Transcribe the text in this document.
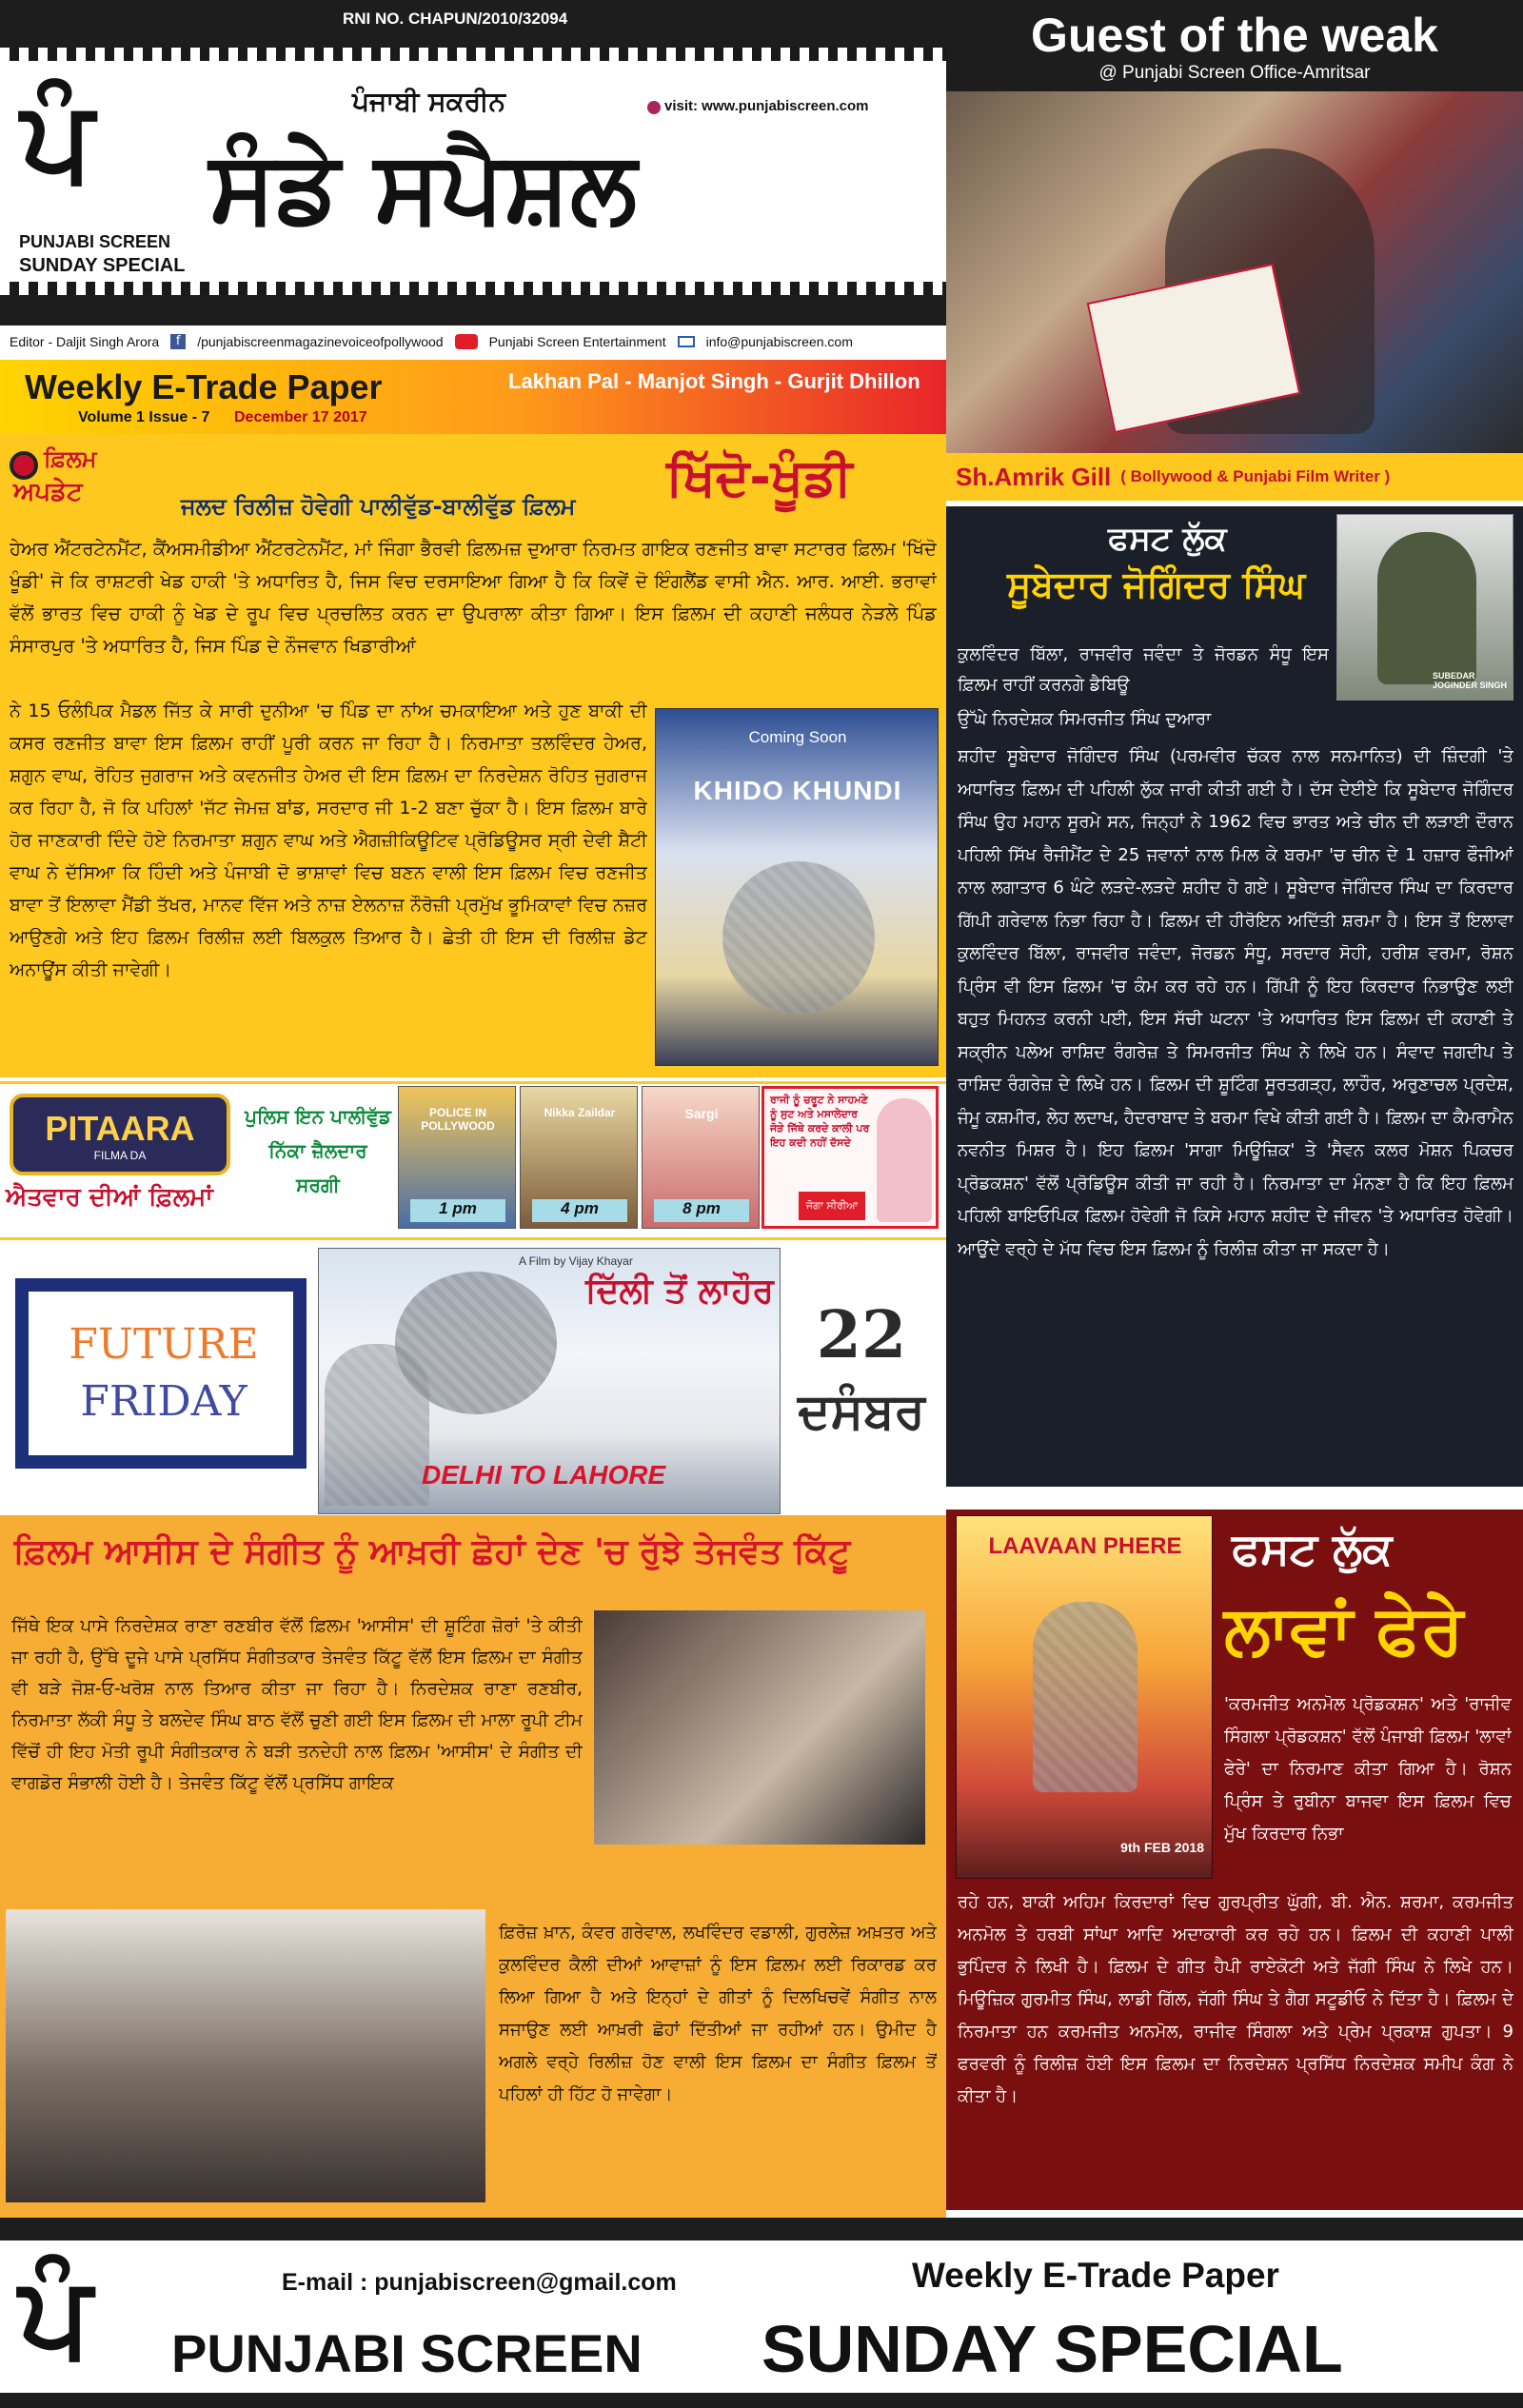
RNI NO. CHAPUN/2010/32094
ਪੰ
PUNJABI SCREEN
SUNDAY SPECIAL
ਪੰਜਾਬੀ ਸਕਰੀਨ	visit: www.punjabiscreen.com
ਸੰਡੇ ਸਪੈਸ਼ਲ
Editor - Daljit Singh Arora	f	/punjabiscreenmagazinevoiceofpollywood	Punjabi Screen Entertainment	info@punjabiscreen.com
Weekly E-Trade Paper	Lakhan Pal - Manjot Singh - Gurjit Dhillon
Volume 1 Issue - 7	December 17 2017
ਫ਼ਿਲਮ
ਅਪਡੇਟ	ਜਲਦ ਰਿਲੀਜ਼ ਹੋਵੇਗੀ ਪਾਲੀਵੁੱਡ-ਬਾਲੀਵੁੱਡ ਫ਼ਿਲਮ	ਖਿੱਦੋ-ਖੂੰਡੀ

ਹੇਅਰ ਐਂਟਰਟੇਨਮੈਂਟ, ਕੈਂਅਸਮੀਡੀਆ ਐਂਟਰਟੇਨਮੈਂਟ, ਮਾਂ ਜਿੰਗਾ ਭੈਰਵੀ ਫ਼ਿਲਮਜ਼ ਦੁਆਰਾ ਨਿਰਮਤ ਗਾਇਕ ਰਣਜੀਤ ਬਾਵਾ ਸਟਾਰਰ ਫ਼ਿਲਮ 'ਖਿੱਦੋ ਖੂੰਡੀ' ਜੋ ਕਿ ਰਾਸ਼ਟਰੀ ਖੇਡ ਹਾਕੀ 'ਤੇ ਅਧਾਰਿਤ ਹੈ, ਜਿਸ ਵਿਚ ਦਰਸਾਇਆ ਗਿਆ ਹੈ ਕਿ ਕਿਵੇਂ ਦੋ ਇੰਗਲੈਂਡ ਵਾਸੀ ਐਨ. ਆਰ. ਆਈ. ਭਰਾਵਾਂ ਵੱਲੋਂ ਭਾਰਤ ਵਿਚ ਹਾਕੀ ਨੂੰ ਖੇਡ ਦੇ ਰੂਪ ਵਿਚ ਪ੍ਰਚਲਿਤ ਕਰਨ ਦਾ ਉਪਰਾਲਾ ਕੀਤਾ ਗਿਆ। ਇਸ ਫ਼ਿਲਮ ਦੀ ਕਹਾਣੀ ਜਲੰਧਰ ਨੇੜਲੇ ਪਿੰਡ ਸੰਸਾਰਪੁਰ 'ਤੇ ਅਧਾਰਿਤ ਹੈ, ਜਿਸ ਪਿੰਡ ਦੇ ਨੌਜਵਾਨ ਖਿਡਾਰੀਆਂ

ਨੇ 15 ਓਲੰਪਿਕ ਮੈਡਲ ਜਿੱਤ ਕੇ ਸਾਰੀ ਦੁਨੀਆ 'ਚ ਪਿੰਡ ਦਾ ਨਾਂਅ ਚਮਕਾਇਆ ਅਤੇ ਹੁਣ ਬਾਕੀ ਦੀ ਕਸਰ ਰਣਜੀਤ ਬਾਵਾ ਇਸ ਫ਼ਿਲਮ ਰਾਹੀਂ ਪੂਰੀ ਕਰਨ ਜਾ ਰਿਹਾ ਹੈ। ਨਿਰਮਾਤਾ ਤਲਵਿੰਦਰ ਹੇਅਰ, ਸ਼ਗੁਨ ਵਾਘ, ਰੋਹਿਤ ਜੁਗਰਾਜ ਅਤੇ ਕਵਨਜੀਤ ਹੇਅਰ ਦੀ ਇਸ ਫ਼ਿਲਮ ਦਾ ਨਿਰਦੇਸ਼ਨ ਰੋਹਿਤ ਜੁਗਰਾਜ ਕਰ ਰਿਹਾ ਹੈ, ਜੋ ਕਿ ਪਹਿਲਾਂ 'ਜੱਟ ਜੇਮਜ਼ ਬਾਂਡ, ਸਰਦਾਰ ਜੀ 1-2 ਬਣਾ ਚੁੱਕਾ ਹੈ। ਇਸ ਫ਼ਿਲਮ ਬਾਰੇ ਹੋਰ ਜਾਣਕਾਰੀ ਦਿੰਦੇ ਹੋਏ ਨਿਰਮਾਤਾ ਸ਼ਗੁਨ ਵਾਘ ਅਤੇ ਐਗਜ਼ੀਕਿਊਟਿਵ ਪ੍ਰੋਡਿਊਸਰ ਸ੍ਰੀ ਦੇਵੀ ਸ਼ੈਟੀ ਵਾਘ ਨੇ ਦੱਸਿਆ ਕਿ ਹਿੰਦੀ ਅਤੇ ਪੰਜਾਬੀ ਦੋ ਭਾਸ਼ਾਵਾਂ ਵਿਚ ਬਣਨ ਵਾਲੀ ਇਸ ਫ਼ਿਲਮ ਵਿਚ ਰਣਜੀਤ ਬਾਵਾ ਤੋਂ ਇਲਾਵਾ ਮੈਂਡੀ ਤੱਖਰ, ਮਾਨਵ ਵਿੱਜ ਅਤੇ ਨਾਜ਼ ਏਲਨਾਜ਼ ਨੌਰੋਜ਼ੀ ਪ੍ਰਮੁੱਖ ਭੂਮਿਕਾਵਾਂ ਵਿਚ ਨਜ਼ਰ ਆਉਣਗੇ ਅਤੇ ਇਹ ਫ਼ਿਲਮ ਰਿਲੀਜ਼ ਲਈ ਬਿਲਕੁਲ ਤਿਆਰ ਹੈ। ਛੇਤੀ ਹੀ ਇਸ ਦੀ ਰਿਲੀਜ਼ ਡੇਟ ਅਨਾਊਂਸ ਕੀਤੀ ਜਾਵੇਗੀ।

Coming Soon
KHIDO KHUNDI
PITAARA
FILMA DA
ਐਤਵਾਰ ਦੀਆਂ ਫ਼ਿਲਮਾਂ
ਪੁਲਿਸ ਇਨ ਪਾਲੀਵੁੱਡ
ਨਿੱਕਾ ਜ਼ੈਲਦਾਰ
ਸਰਗੀ
POLICE IN POLLYWOOD
1 pm
Nikka Zaildar
4 pm
Sargi
8 pm
ਰਾਜੀ ਨੂੰ ਚਰੂਟ ਨੇ ਸਾਹਮਣੇ ਨੂੰ ਸੁਟ ਅਤੇ ਮਸਾਲੇਦਾਰ ਜੋੜੇ ਜਿੱਥੇ ਕਰਦੇ ਕਾਲੀ ਪਰ ਇਹ ਕਦੀ ਨਹੀਂ ਦੱਸਦੇ
ਜੋਗਾ ਸੀਰੀਆ
FUTURE
FRIDAY
A Film by Vijay Khayar
ਦਿੱਲੀ ਤੋਂ ਲਾਹੌਰ
DELHI TO LAHORE
22
ਦਸੰਬਰ
ਫ਼ਿਲਮ ਆਸੀਸ ਦੇ ਸੰਗੀਤ ਨੂੰ ਆਖ਼ਰੀ ਛੋਹਾਂ ਦੇਣ 'ਚ ਰੁੱਝੇ ਤੇਜਵੰਤ ਕਿੱਟੂ

ਜਿੱਥੇ ਇਕ ਪਾਸੇ ਨਿਰਦੇਸ਼ਕ ਰਾਣਾ ਰਣਬੀਰ ਵੱਲੋਂ ਫ਼ਿਲਮ 'ਆਸੀਸ' ਦੀ ਸ਼ੂਟਿੰਗ ਜ਼ੋਰਾਂ 'ਤੇ ਕੀਤੀ ਜਾ ਰਹੀ ਹੈ, ਉੱਥੇ ਦੂਜੇ ਪਾਸੇ ਪ੍ਰਸਿੱਧ ਸੰਗੀਤਕਾਰ ਤੇਜਵੰਤ ਕਿੱਟੂ ਵੱਲੋਂ ਇਸ ਫ਼ਿਲਮ ਦਾ ਸੰਗੀਤ ਵੀ ਬੜੇ ਜੋਸ਼-ਓ-ਖਰੋਸ਼ ਨਾਲ ਤਿਆਰ ਕੀਤਾ ਜਾ ਰਿਹਾ ਹੈ। ਨਿਰਦੇਸ਼ਕ ਰਾਣਾ ਰਣਬੀਰ, ਨਿਰਮਾਤਾ ਲੱਕੀ ਸੰਧੂ ਤੇ ਬਲਦੇਵ ਸਿੰਘ ਬਾਠ ਵੱਲੋਂ ਚੁਣੀ ਗਈ ਇਸ ਫ਼ਿਲਮ ਦੀ ਮਾਲਾ ਰੂਪੀ ਟੀਮ ਵਿੱਚੋਂ ਹੀ ਇਹ ਮੋਤੀ ਰੂਪੀ ਸੰਗੀਤਕਾਰ ਨੇ ਬੜੀ ਤਨਦੇਹੀ ਨਾਲ ਫ਼ਿਲਮ 'ਆਸੀਸ' ਦੇ ਸੰਗੀਤ ਦੀ ਵਾਗਡੋਰ ਸੰਭਾਲੀ ਹੋਈ ਹੈ। ਤੇਜਵੰਤ ਕਿੱਟੂ ਵੱਲੋਂ ਪ੍ਰਸਿੱਧ ਗਾਇਕ

ਫ਼ਿਰੋਜ਼ ਖ਼ਾਨ, ਕੰਵਰ ਗਰੇਵਾਲ, ਲਖਵਿੰਦਰ ਵਡਾਲੀ, ਗੁਰਲੇਜ਼ ਅਖ਼ਤਰ ਅਤੇ ਕੁਲਵਿੰਦਰ ਕੈਲੀ ਦੀਆਂ ਆਵਾਜ਼ਾਂ ਨੂੰ ਇਸ ਫ਼ਿਲਮ ਲਈ ਰਿਕਾਰਡ ਕਰ ਲਿਆ ਗਿਆ ਹੈ ਅਤੇ ਇਨ੍ਹਾਂ ਦੇ ਗੀਤਾਂ ਨੂੰ ਦਿਲਖਿਚਵੇਂ ਸੰਗੀਤ ਨਾਲ ਸਜਾਉਣ ਲਈ ਆਖ਼ਰੀ ਛੋਹਾਂ ਦਿੱਤੀਆਂ ਜਾ ਰਹੀਆਂ ਹਨ। ਉਮੀਦ ਹੈ ਅਗਲੇ ਵਰ੍ਹੇ ਰਿਲੀਜ਼ ਹੋਣ ਵਾਲੀ ਇਸ ਫ਼ਿਲਮ ਦਾ ਸੰਗੀਤ ਫ਼ਿਲਮ ਤੋਂ ਪਹਿਲਾਂ ਹੀ ਹਿੱਟ ਹੋ ਜਾਵੇਗਾ।

Guest of the weak
@ Punjabi Screen Office-Amritsar
Sh.Amrik Gill ( Bollywood & Punjabi Film Writer )
ਫਸਟ ਲੁੱਕ
ਸੂਬੇਦਾਰ ਜੋਗਿੰਦਰ ਸਿੰਘ
SUBEDAR JOGINDER SINGH

ਕੁਲਵਿੰਦਰ ਬਿੱਲਾ, ਰਾਜਵੀਰ ਜਵੰਦਾ ਤੇ ਜੋਰਡਨ ਸੰਧੂ ਇਸ ਫ਼ਿਲਮ ਰਾਹੀਂ ਕਰਨਗੇ ਡੈਬਿਊ

ਉੱਘੇ ਨਿਰਦੇਸ਼ਕ ਸਿਮਰਜੀਤ ਸਿੰਘ ਦੁਆਰਾ

ਸ਼ਹੀਦ ਸੂਬੇਦਾਰ ਜੋਗਿੰਦਰ ਸਿੰਘ (ਪਰਮਵੀਰ ਚੱਕਰ ਨਾਲ ਸਨਮਾਨਿਤ) ਦੀ ਜ਼ਿੰਦਗੀ 'ਤੇ ਅਧਾਰਿਤ ਫ਼ਿਲਮ ਦੀ ਪਹਿਲੀ ਲੁੱਕ ਜਾਰੀ ਕੀਤੀ ਗਈ ਹੈ। ਦੱਸ ਦੇਈਏ ਕਿ ਸੂਬੇਦਾਰ ਜੋਗਿੰਦਰ ਸਿੰਘ ਉਹ ਮਹਾਨ ਸੂਰਮੇ ਸਨ, ਜਿਨ੍ਹਾਂ ਨੇ 1962 ਵਿਚ ਭਾਰਤ ਅਤੇ ਚੀਨ ਦੀ ਲੜਾਈ ਦੌਰਾਨ ਪਹਿਲੀ ਸਿੱਖ ਰੈਜੀਮੈਂਟ ਦੇ 25 ਜਵਾਨਾਂ ਨਾਲ ਮਿਲ ਕੇ ਬਰਮਾ 'ਚ ਚੀਨ ਦੇ 1 ਹਜ਼ਾਰ ਫੌਜੀਆਂ ਨਾਲ ਲਗਾਤਾਰ 6 ਘੰਟੇ ਲੜਦੇ-ਲੜਦੇ ਸ਼ਹੀਦ ਹੋ ਗਏ। ਸੂਬੇਦਾਰ ਜੋਗਿੰਦਰ ਸਿੰਘ ਦਾ ਕਿਰਦਾਰ ਗਿੱਪੀ ਗਰੇਵਾਲ ਨਿਭਾ ਰਿਹਾ ਹੈ। ਫ਼ਿਲਮ ਦੀ ਹੀਰੋਇਨ ਅਦਿੱਤੀ ਸ਼ਰਮਾ ਹੈ। ਇਸ ਤੋਂ ਇਲਾਵਾ ਕੁਲਵਿੰਦਰ ਬਿੱਲਾ, ਰਾਜਵੀਰ ਜਵੰਦਾ, ਜੋਰਡਨ ਸੰਧੂ, ਸਰਦਾਰ ਸੋਹੀ, ਹਰੀਸ਼ ਵਰਮਾ, ਰੋਸ਼ਨ ਪ੍ਰਿੰਸ ਵੀ ਇਸ ਫ਼ਿਲਮ 'ਚ ਕੰਮ ਕਰ ਰਹੇ ਹਨ। ਗਿੱਪੀ ਨੂੰ ਇਹ ਕਿਰਦਾਰ ਨਿਭਾਉਣ ਲਈ ਬਹੁਤ ਮਿਹਨਤ ਕਰਨੀ ਪਈ, ਇਸ ਸੱਚੀ ਘਟਨਾ 'ਤੇ ਅਧਾਰਿਤ ਇਸ ਫ਼ਿਲਮ ਦੀ ਕਹਾਣੀ ਤੇ ਸਕ੍ਰੀਨ ਪਲੇਅ ਰਾਸ਼ਿਦ ਰੰਗਰੇਜ਼ ਤੇ ਸਿਮਰਜੀਤ ਸਿੰਘ ਨੇ ਲਿਖੇ ਹਨ। ਸੰਵਾਦ ਜਗਦੀਪ ਤੇ ਰਾਸ਼ਿਦ ਰੰਗਰੇਜ਼ ਦੇ ਲਿਖੇ ਹਨ। ਫ਼ਿਲਮ ਦੀ ਸ਼ੂਟਿੰਗ ਸੂਰਤਗੜ੍ਹ, ਲਾਹੌਰ, ਅਰੁਣਾਚਲ ਪ੍ਰਦੇਸ਼, ਜੰਮੂ ਕਸ਼ਮੀਰ, ਲੇਹ ਲਦਾਖ, ਹੈਦਰਾਬਾਦ ਤੇ ਬਰਮਾ ਵਿਖੇ ਕੀਤੀ ਗਈ ਹੈ। ਫ਼ਿਲਮ ਦਾ ਕੈਮਰਾਮੈਨ ਨਵਨੀਤ ਮਿਸ਼ਰ ਹੈ। ਇਹ ਫ਼ਿਲਮ 'ਸਾਗਾ ਮਿਊਜ਼ਿਕ' ਤੇ 'ਸੈਵਨ ਕਲਰ ਮੋਸ਼ਨ ਪਿਕਚਰ ਪ੍ਰੋਡਕਸ਼ਨ' ਵੱਲੋਂ ਪ੍ਰੋਡਿਊਸ ਕੀਤੀ ਜਾ ਰਹੀ ਹੈ। ਨਿਰਮਾਤਾ ਦਾ ਮੰਨਣਾ ਹੈ ਕਿ ਇਹ ਫ਼ਿਲਮ ਪਹਿਲੀ ਬਾਇਓਪਿਕ ਫ਼ਿਲਮ ਹੋਵੇਗੀ ਜੋ ਕਿਸੇ ਮਹਾਨ ਸ਼ਹੀਦ ਦੇ ਜੀਵਨ 'ਤੇ ਅਧਾਰਿਤ ਹੋਵੇਗੀ। ਆਉਂਦੇ ਵਰ੍ਹੇ ਦੇ ਮੱਧ ਵਿਚ ਇਸ ਫ਼ਿਲਮ ਨੂੰ ਰਿਲੀਜ਼ ਕੀਤਾ ਜਾ ਸਕਦਾ ਹੈ।

LAAVAAN PHERE
9th FEB 2018
ਫਸਟ ਲੁੱਕ
ਲਾਵਾਂ ਫੇਰੇ

'ਕਰਮਜੀਤ ਅਨਮੋਲ ਪ੍ਰੋਡਕਸ਼ਨ' ਅਤੇ 'ਰਾਜੀਵ ਸਿੰਗਲਾ ਪ੍ਰੋਡਕਸ਼ਨ' ਵੱਲੋਂ ਪੰਜਾਬੀ ਫ਼ਿਲਮ 'ਲਾਵਾਂ ਫੇਰੇ' ਦਾ ਨਿਰਮਾਣ ਕੀਤਾ ਗਿਆ ਹੈ। ਰੋਸ਼ਨ ਪ੍ਰਿੰਸ ਤੇ ਰੁਬੀਨਾ ਬਾਜਵਾ ਇਸ ਫ਼ਿਲਮ ਵਿਚ ਮੁੱਖ ਕਿਰਦਾਰ ਨਿਭਾ

ਰਹੇ ਹਨ, ਬਾਕੀ ਅਹਿਮ ਕਿਰਦਾਰਾਂ ਵਿਚ ਗੁਰਪ੍ਰੀਤ ਘੁੱਗੀ, ਬੀ. ਐਨ. ਸ਼ਰਮਾ, ਕਰਮਜੀਤ ਅਨਮੋਲ ਤੇ ਹਰਬੀ ਸਾਂਘਾ ਆਦਿ ਅਦਾਕਾਰੀ ਕਰ ਰਹੇ ਹਨ। ਫ਼ਿਲਮ ਦੀ ਕਹਾਣੀ ਪਾਲੀ ਭੁਪਿੰਦਰ ਨੇ ਲਿਖੀ ਹੈ। ਫ਼ਿਲਮ ਦੇ ਗੀਤ ਹੈਪੀ ਰਾਏਕੋਟੀ ਅਤੇ ਜੱਗੀ ਸਿੰਘ ਨੇ ਲਿਖੇ ਹਨ। ਮਿਊਜ਼ਿਕ ਗੁਰਮੀਤ ਸਿੰਘ, ਲਾਡੀ ਗਿੱਲ, ਜੱਗੀ ਸਿੰਘ ਤੇ ਗੈਗ ਸਟੂਡੀਓ ਨੇ ਦਿੱਤਾ ਹੈ। ਫ਼ਿਲਮ ਦੇ ਨਿਰਮਾਤਾ ਹਨ ਕਰਮਜੀਤ ਅਨਮੋਲ, ਰਾਜੀਵ ਸਿੰਗਲਾ ਅਤੇ ਪ੍ਰੇਮ ਪ੍ਰਕਾਸ਼ ਗੁਪਤਾ। 9 ਫਰਵਰੀ ਨੂੰ ਰਿਲੀਜ਼ ਹੋਈ ਇਸ ਫ਼ਿਲਮ ਦਾ ਨਿਰਦੇਸ਼ਨ ਪ੍ਰਸਿੱਧ ਨਿਰਦੇਸ਼ਕ ਸਮੀਪ ਕੰਗ ਨੇ ਕੀਤਾ ਹੈ।

ਪੰ	E-mail : punjabiscreen@gmail.com
PUNJABI SCREEN
Weekly E-Trade Paper
SUNDAY SPECIAL
